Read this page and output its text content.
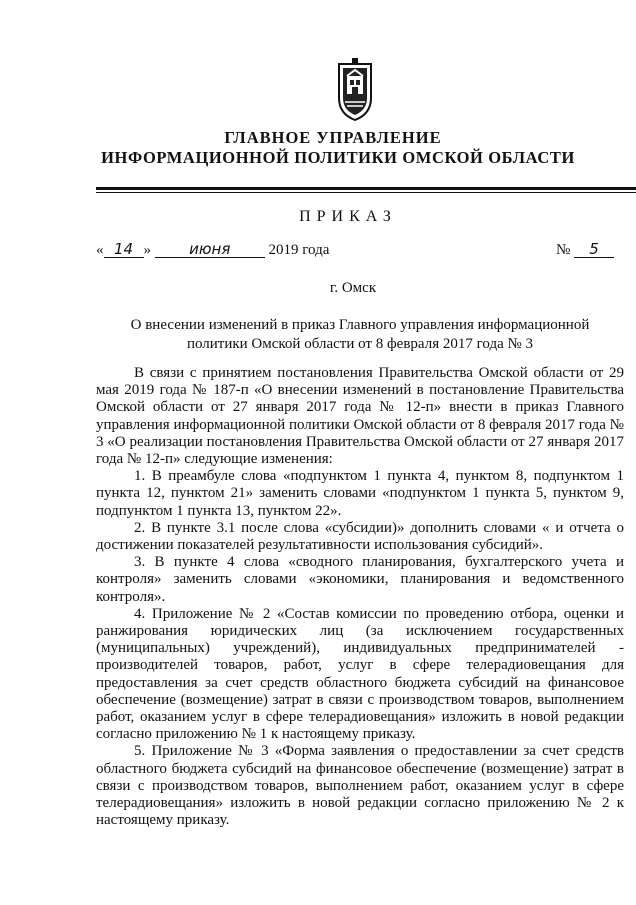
ГЛАВНОЕ УПРАВЛЕНИЕ
ИНФОРМАЦИОННОЙ ПОЛИТИКИ ОМСКОЙ ОБЛАСТИ
ПРИКАЗ
« 14 »	июня	2019 года	№ 5
г. Омск
О внесении изменений в приказ Главного управления информационной политики Омской области от 8 февраля 2017 года № 3

В связи с принятием постановления Правительства Омской области от 29 мая 2019 года № 187-п «О внесении изменений в постановление Правительства Омской области от 27 января 2017 года № 12-п» внести в приказ Главного управления информационной политики Омской области от 8 февраля 2017 года № 3 «О реализации постановления Правительства Омской области от 27 января 2017 года № 12-п» следующие изменения:

1. В преамбуле слова «подпунктом 1 пункта 4, пунктом 8, подпунктом 1 пункта 12, пунктом 21» заменить словами «подпунктом 1 пункта 5, пунктом 9, подпунктом 1 пункта 13, пунктом 22».

2. В пункте 3.1 после слова «субсидии)» дополнить словами « и отчета о достижении показателей результативности использования субсидий».

3. В пункте 4 слова «сводного планирования, бухгалтерского учета и контроля» заменить словами «экономики, планирования и ведомственного контроля».

4. Приложение № 2 «Состав комиссии по проведению отбора, оценки и ранжирования юридических лиц (за исключением государственных (муниципальных) учреждений), индивидуальных предпринимателей - производителей товаров, работ, услуг в сфере телерадиовещания для предоставления за счет средств областного бюджета субсидий на финансовое обеспечение (возмещение) затрат в связи с производством товаров, выполнением работ, оказанием услуг в сфере телерадиовещания» изложить в новой редакции согласно приложению № 1 к настоящему приказу.

5. Приложение № 3 «Форма заявления о предоставлении за счет средств областного бюджета субсидий на финансовое обеспечение (возмещение) затрат в связи с производством товаров, выполнением работ, оказанием услуг в сфере телерадиовещания» изложить в новой редакции согласно приложению № 2 к настоящему приказу.
